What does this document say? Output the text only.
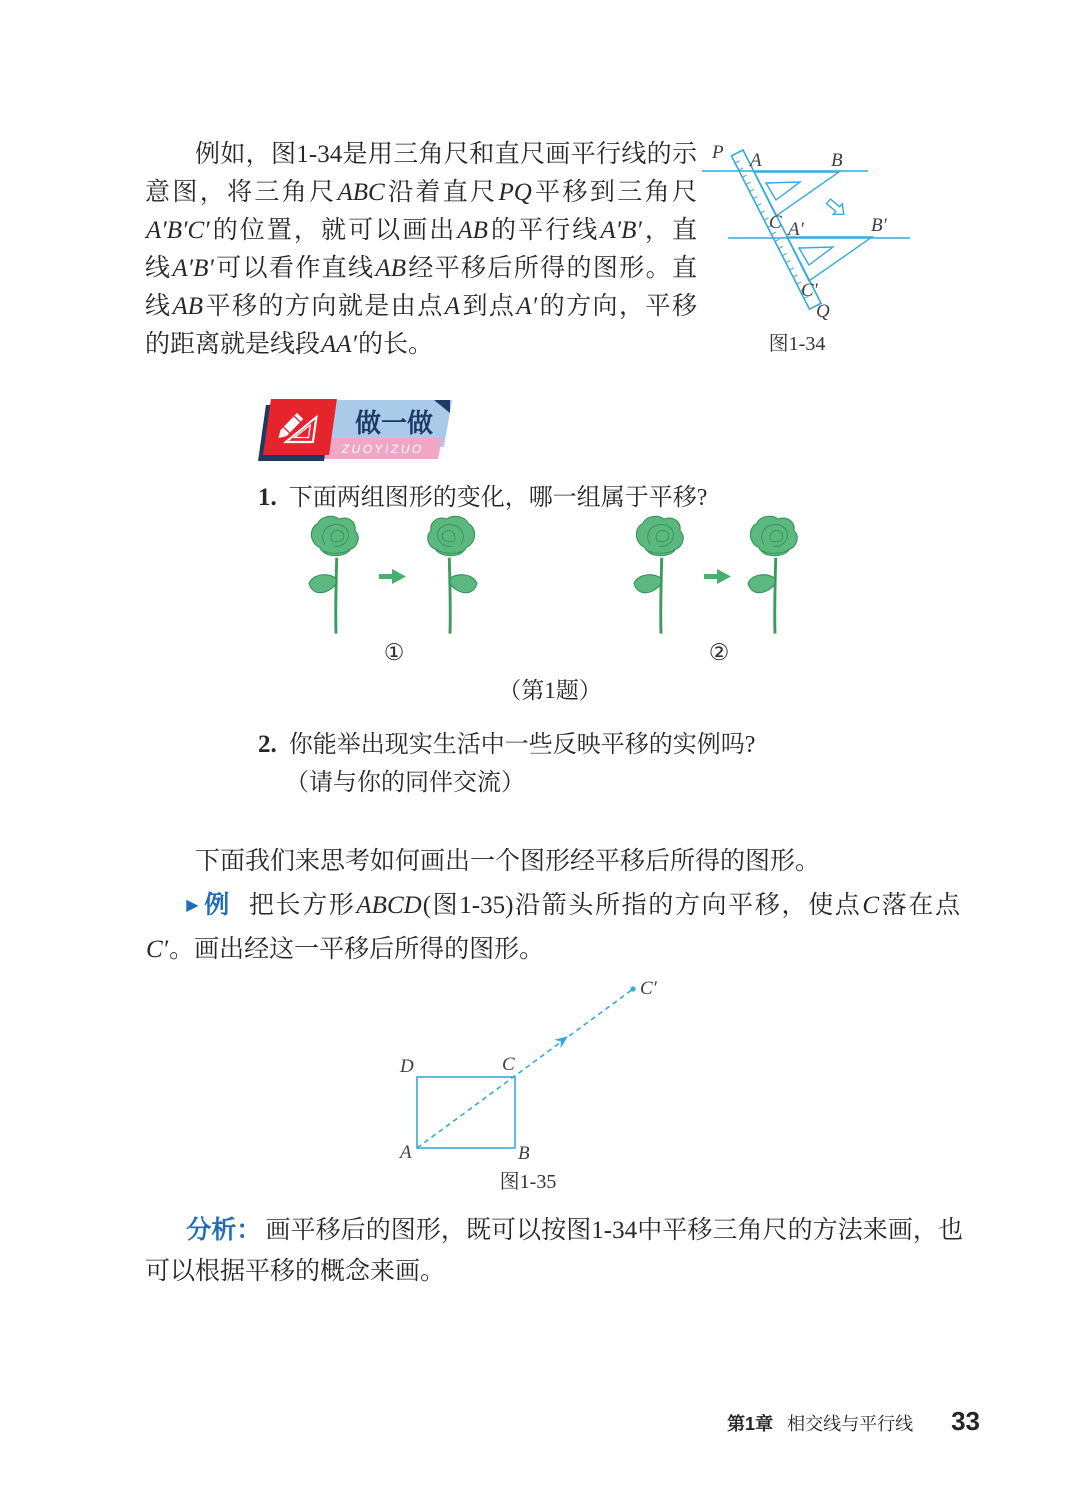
例如，图1-34是用三角尺和直尺画平行线的示
意图，将三角尺ABC沿着直尺PQ平移到三角尺
A′B′C′的位置，就可以画出AB的平行线A′B′，直
线A′B′可以看作直线AB经平移后所得的图形。直
线AB平移的方向就是由点A到点A′的方向，平移
的距离就是线段AA′的长。
P A	B
C A′	B′
C′
Q
图1-34
ZUOYIZUO
做一做
1. 下面两组图形的变化，哪一组属于平移?
①	②
（第1题）
2. 你能举出现实生活中一些反映平移的实例吗?
（请与你的同伴交流）
下面我们来思考如何画出一个图形经平移后所得的图形。
▶ 例 把长方形ABCD(图1-35)沿箭头所指的方向平移，使点C落在点
C′。画出经这一平移后所得的图形。
D	C
A	B
C′
图1-35
分析： 画平移后的图形，既可以按图1-34中平移三角尺的方法来画，也
可以根据平移的概念来画。
第1章 相交线与平行线 33
